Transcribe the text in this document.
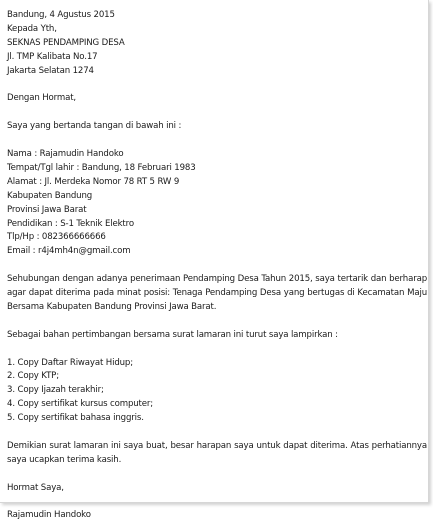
Bandung, 4 Agustus 2015
Kepada Yth,
SEKNAS PENDAMPING DESA
Jl. TMP Kalibata No.17
Jakarta Selatan 1274
Dengan Hormat,
Saya yang bertanda tangan di bawah ini :
Nama : Rajamudin Handoko
Tempat/Tgl lahir : Bandung, 18 Februari 1983
Alamat : Jl. Merdeka Nomor 78 RT 5 RW 9
Kabupaten Bandung
Provinsi Jawa Barat
Pendidikan : S-1 Teknik Elektro
Tlp/Hp : 082366666666
Email : r4j4mh4n@gmail.com
Sehubungan dengan adanya penerimaan Pendamping Desa Tahun 2015, saya tertarik dan berharap agar dapat diterima pada minat posisi: Tenaga Pendamping Desa yang bertugas di Kecamatan Maju Bersama Kabupaten Bandung Provinsi Jawa Barat.
Sebagai bahan pertimbangan bersama surat lamaran ini turut saya lampirkan :
1. Copy Daftar Riwayat Hidup;
2. Copy KTP;
3. Copy Ijazah terakhir;
4. Copy sertifikat kursus computer;
5. Copy sertifikat bahasa inggris.
Demikian surat lamaran ini saya buat, besar harapan saya untuk dapat diterima. Atas perhatiannya saya ucapkan terima kasih.
Hormat Saya,
Rajamudin Handoko
